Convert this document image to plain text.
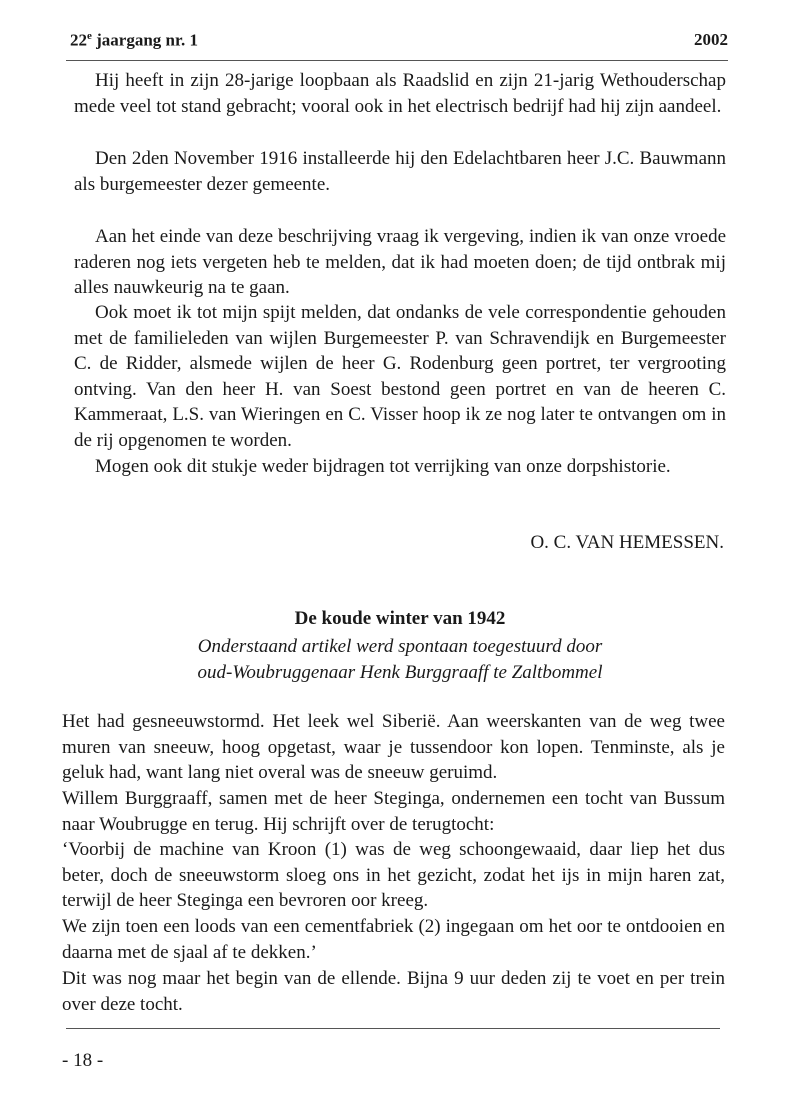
22e jaargang nr. 1	2002

Hij heeft in zijn 28-jarige loopbaan als Raadslid en zijn 21-jarig Wethouderschap mede veel tot stand gebracht; vooral ook in het electrisch bedrijf had hij zijn aandeel.

Den 2den November 1916 installeerde hij den Edelachtbaren heer J.C. Bauwmann als burgemeester dezer gemeente.

Aan het einde van deze beschrijving vraag ik vergeving, indien ik van onze vroede raderen nog iets vergeten heb te melden, dat ik had moeten doen; de tijd ontbrak mij alles nauwkeurig na te gaan.

Ook moet ik tot mijn spijt melden, dat ondanks de vele correspondentie gehouden met de familieleden van wijlen Burgemeester P. van Schravendijk en Burgemeester C. de Ridder, alsmede wijlen de heer G. Rodenburg geen portret, ter vergrooting ontving. Van den heer H. van Soest bestond geen portret en van de heeren C. Kammeraat, L.S. van Wieringen en C. Visser hoop ik ze nog later te ontvangen om in de rij opgenomen te worden.

Mogen ook dit stukje weder bijdragen tot verrijking van onze dorpshistorie.

O. C. VAN HEMESSEN.
De koude winter van 1942
Onderstaand artikel werd spontaan toegestuurd door
oud-Woubruggenaar Henk Burggraaff te Zaltbommel

Het had gesneeuwstormd. Het leek wel Siberië. Aan weerskanten van de weg twee muren van sneeuw, hoog opgetast, waar je tussendoor kon lopen. Tenminste, als je geluk had, want lang niet overal was de sneeuw geruimd.

Willem Burggraaff, samen met de heer Steginga, ondernemen een tocht van Bussum naar Woubrugge en terug. Hij schrijft over de terugtocht:

‘Voorbij de machine van Kroon (1) was de weg schoongewaaid, daar liep het dus beter, doch de sneeuwstorm sloeg ons in het gezicht, zodat het ijs in mijn haren zat, terwijl de heer Steginga een bevroren oor kreeg.

We zijn toen een loods van een cementfabriek (2) ingegaan om het oor te ontdooien en daarna met de sjaal af te dekken.’

Dit was nog maar het begin van de ellende. Bijna 9 uur deden zij te voet en per trein over deze tocht.

- 18 -
